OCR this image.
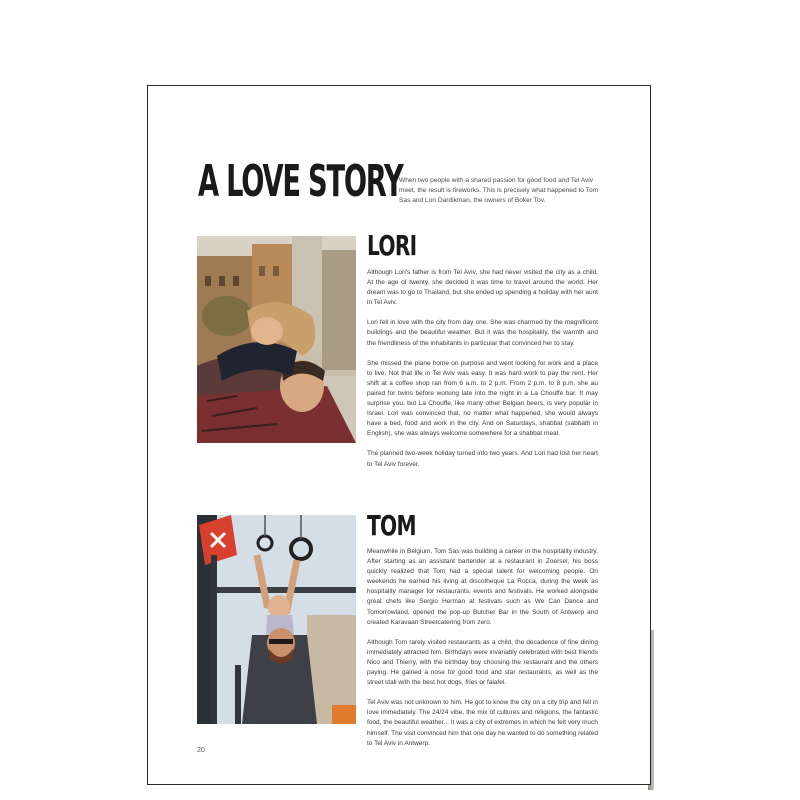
A LOVE STORY

When two people with a shared passion for good food and Tel Aviv meet, the result is fireworks. This is precisely what happened to Tom Sas and Lori Dardikman, the owners of Boker Tov.

LORI

Although Lori's father is from Tel Aviv, she had never visited the city as a child. At the age of twenty, she decided it was time to travel around the world. Her dream was to go to Thailand, but she ended up spending a holiday with her aunt in Tel Aviv.

Lori fell in love with the city from day one. She was charmed by the magnificent buildings and the beautiful weather. But it was the hospitality, the warmth and the friendliness of the inhabitants in particular that convinced her to stay.

She missed the plane home on purpose and went looking for work and a place to live. Not that life in Tel Aviv was easy. It was hard work to pay the rent. Her shift at a coffee shop ran from 6 a.m. to 2 p.m. From 2 p.m. to 8 p.m. she au paired for twins before working late into the night in a La Chouffe bar. It may surprise you, but La Chouffe, like many other Belgian beers, is very popular in Israel. Lori was convinced that, no matter what happened, she would always have a bed, food and work in the city. And on Saturdays, shabbat (sabbath in English), she was always welcome somewhere for a shabbat meal.

The planned two-week holiday turned into two years. And Lori had lost her heart to Tel Aviv forever.

TOM

Meanwhile in Belgium, Tom Sas was building a career in the hospitality industry. After starting as an assistant bartender at a restaurant in Zoersel, his boss quickly realized that Tom had a special talent for welcoming people. On weekends he earned his living at discotheque La Rocca, during the week as hospitality manager for restaurants, events and festivals. He worked alongside great chefs like Sergio Herman at festivals such as We Can Dance and Tomorrowland, opened the pop-up Butcher Bar in the South of Antwerp and created Karavaan Streetcatering from zero.

Although Tom rarely visited restaurants as a child, the decadence of fine dining immediately attracted him. Birthdays were invariably celebrated with best friends Nico and Thierry, with the birthday boy choosing the restaurant and the others paying. He gained a nose for good food and star restaurants, as well as the street stall with the best hot dogs, fries or falafel.

Tel Aviv was not unknown to him. He got to know the city on a city trip and fell in love immediately. The 24/24 vibe, the mix of cultures and religions, the fantastic food, the beautiful weather... It was a city of extremes in which he felt very much himself. The visit convinced him that one day he wanted to do something related to Tel Aviv in Antwerp.

20
